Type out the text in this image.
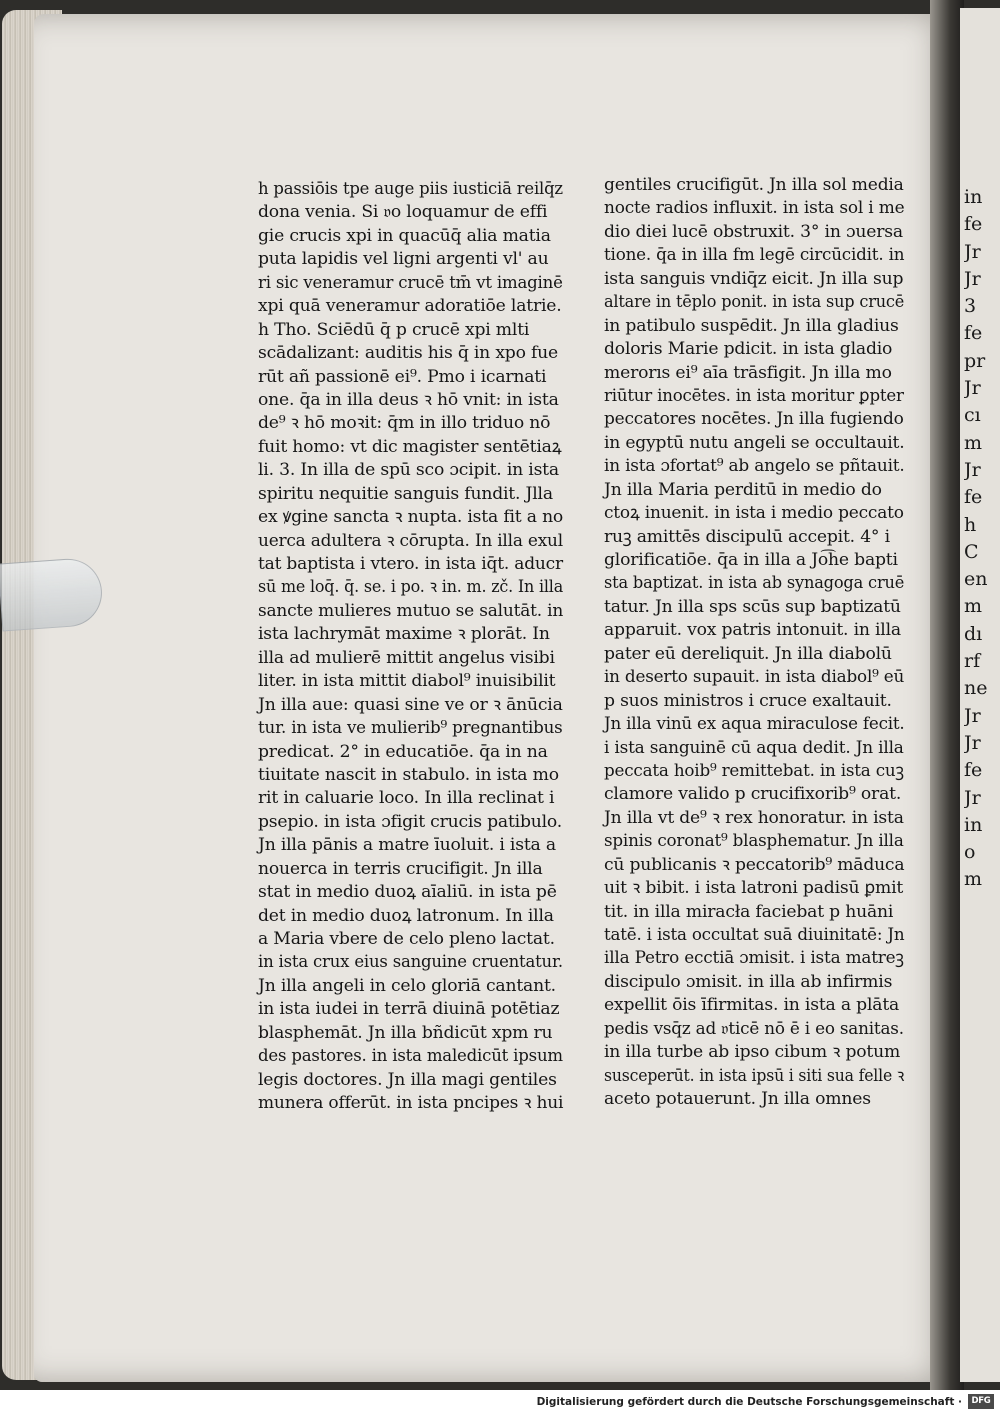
in
fe
Jr
Jr
3
fe
pr
Jr
cı
m
Jr
fe
h
C
en
m
dı
rf
ne
Jr
Jr
fe
Jr
in
o
m
h passiōis tpe auge piis iusticiā reilq̄z
dona venia. Si 𝔳o loquamur de effi
gie crucis xpi in quacūq̄ alia mаtia
puta lapidis vel ligni argenti vl' au
ri sic veneramur crucē tm̄ vt imaginē
xpi quā veneramur adoratiōe latrie.
h Tho. Sciēdū q̄ p crucē xpi mlti
scādalizant: auditis his q̄ in xpo fue
rūt añ passionē ei⁹. Pmo i icarnati
one. q̄a in illa deus ꝛ hō vnit: in ista
de⁹ ꝛ hō moꝛit: q̄m in illo triduo nō
fuit homo: vt dic magister sentētiaꝝ
li. 3. In illa de spū sco ɔcipit. in ista
spiritu nequitie sanguis fundit. Jlla
ex ꝟgine sancta ꝛ nupta. ista fit a no
uerca adultera ꝛ cōrupta. In illa exul
tat baptista i vtero. in ista iq̄t. aducr
sū me loq̄. q̄. se. i po. ꝛ in. m. zč. In illa
sancte mulieres mutuo se salutāt. in
ista lachrymāt maxime ꝛ plorāt. In
illa ad mulierē mittit angelus visibi
liter. in ista mittit diabol⁹ inuisibilit
Jn illa aue: quasi sine ve or ꝛ ānūcia
tur. in ista ve mulierib⁹ pregnantibus
predicat. 2° in educatiōe. q̄a in na
tiuitate nascit in stabulo. in ista mo
rit in caluarie loco. In illa reclinat i
psepio. in ista ɔfigit crucis patibulo.
Jn illa pānis a matre īuoluit. i ista a
nouerca in terris crucifigit. Jn illa
stat in medio duoꝝ aīaliū. in ista pē
det in medio duoꝝ latronum. In illa
a Maria vbere de celo pleno lactat.
in ista crux eius sanguine cruentatur.
Jn illa angeli in celo gloriā cantant.
in ista iudei in terrā diuinā potētiaz
blasphemāt. Jn illa bñdicūt xpm ru
des pastores. in ista maledicūt ipsum
legis doctores. Jn illa magi gentiles
munera offerūt. in ista pncipes ꝛ hui
gentiles crucifigūt. Jn illa sol media
nocte radios influxit. in ista sol i me
dio diei lucē obstruxit. 3° in ɔuersa
tione. q̄a in illa fm legē circūcidit. in
ista sanguis vndiq̄z eicit. Jn illa sup
altare in tēplo ponit. in ista sup crucē
in patibulo suspēdit. Jn illa gladius
doloris Marie pdicit. in ista gladio
merorıs ei⁹ aīa trāsfigit. Jn illa mo
riūtur inocētes. in ista moritur ꝑpter
peccatores nocētes. Jn illa fugiendo
in egyptū nutu angeli se occultauit.
in ista ɔfortat⁹ ab angelo se pñtauit.
Jn illa Maria perditū in medio do
ctoꝝ inuenit. in ista i medio peccato
ruꝫ amittēs discipulū accepit. 4° i
glorificatiōe. q̄a in illa a Jo͡he bapti
sta baptizat. in ista ab synagoga cruē
tatur. Jn illa sps scūs sup baptizatū
apparuit. vox patris intonuit. in illa
pater eū dereliquit. Jn illa diabolū
in deserto supauit. in ista diabol⁹ eū
p suos ministros i cruce exaltauit.
Jn illa vinū ex aqua miraculose fecit.
i ista sanguinē cū aqua dedit. Jn illa
peccata hoib⁹ remittebat. in ista cuꝫ
clamore valido p crucifixorib⁹ orat.
Jn illa vt de⁹ ꝛ rex honoratur. in ista
spinis coronat⁹ blasphematur. Jn illa
cū publicanis ꝛ peccatorib⁹ māduca
uit ꝛ bibit. i ista latroni padisū ꝑmit
tit. in illa miracła faciebat p huāni
tatē. i ista occultat suā diuinitatē: Jn
illa Petro ecctiā ɔmisit. i ista matreꝫ
discipulo ɔmisit. in illa ab infirmis
expellit ōis īfirmitas. in ista a plāta
pedis vsq̄z ad 𝔳ticē nō ē i eo sanitas.
in illa turbe ab ipso cibum ꝛ potum
susceperūt. in ista ipsū i siti sua felle ꝛ
aceto potauerunt. Jn illa omnes
Digitalisierung gefördert durch die Deutsche Forschungsgemeinschaft ·	DFG
